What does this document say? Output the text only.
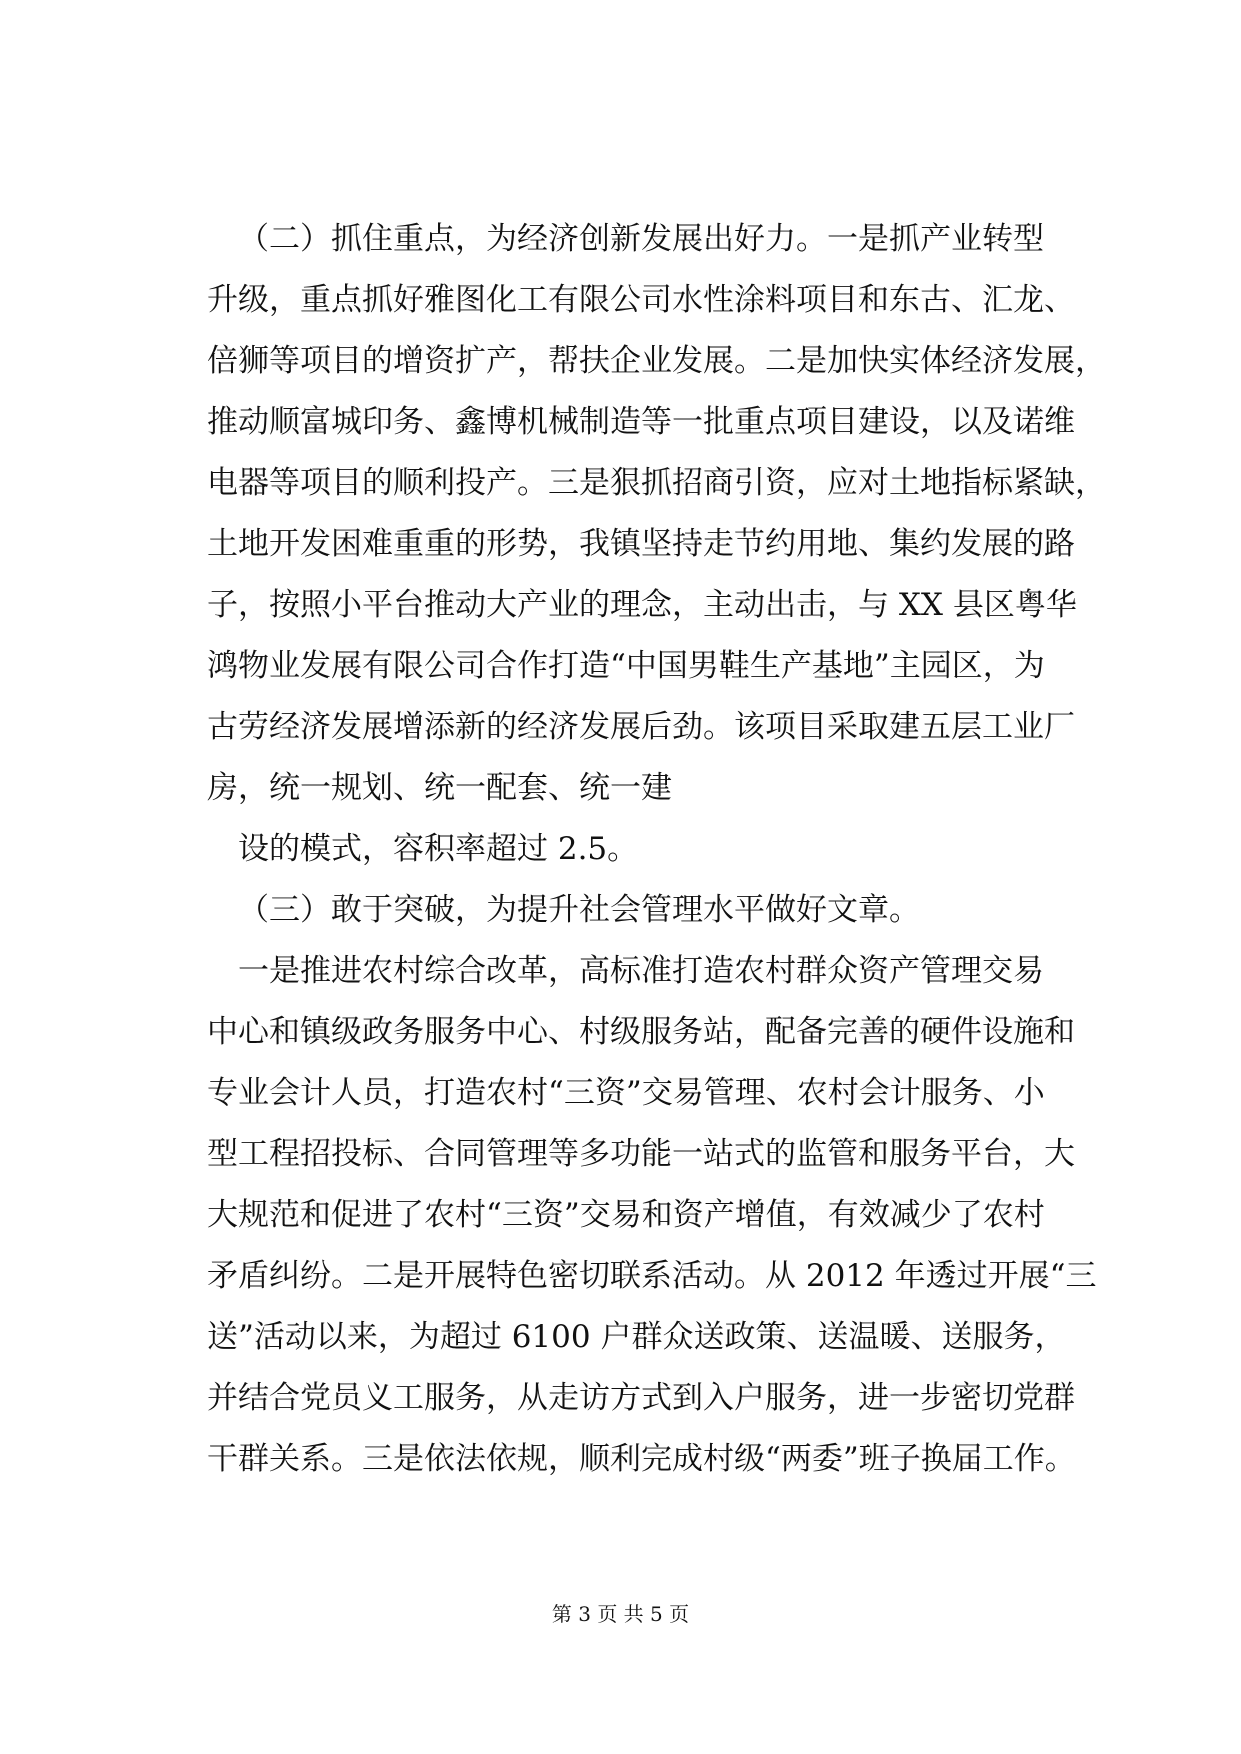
（二）抓住重点，为经济创新发展出好力。一是抓产业转型
升级，重点抓好雅图化工有限公司水性涂料项目和东古、汇龙、
倍狮等项目的增资扩产，帮扶企业发展。二是加快实体经济发展，
推动顺富城印务、鑫博机械制造等一批重点项目建设，以及诺维
电器等项目的顺利投产。三是狠抓招商引资，应对土地指标紧缺，
土地开发困难重重的形势，我镇坚持走节约用地、集约发展的路
子，按照小平台推动大产业的理念，主动出击，与 XX 县区粤华
鸿物业发展有限公司合作打造“中国男鞋生产基地”主园区，为
古劳经济发展增添新的经济发展后劲。该项目采取建五层工业厂
房，统一规划、统一配套、统一建
设的模式，容积率超过 2.5。
（三）敢于突破，为提升社会管理水平做好文章。
一是推进农村综合改革，高标准打造农村群众资产管理交易
中心和镇级政务服务中心、村级服务站，配备完善的硬件设施和
专业会计人员，打造农村“三资”交易管理、农村会计服务、小
型工程招投标、合同管理等多功能一站式的监管和服务平台，大
大规范和促进了农村“三资”交易和资产增值，有效减少了农村
矛盾纠纷。二是开展特色密切联系活动。从 2012 年透过开展“三
送”活动以来，为超过 6100 户群众送政策、送温暖、送服务，
并结合党员义工服务，从走访方式到入户服务，进一步密切党群
干群关系。三是依法依规，顺利完成村级“两委”班子换届工作。
第 3 页 共 5 页
